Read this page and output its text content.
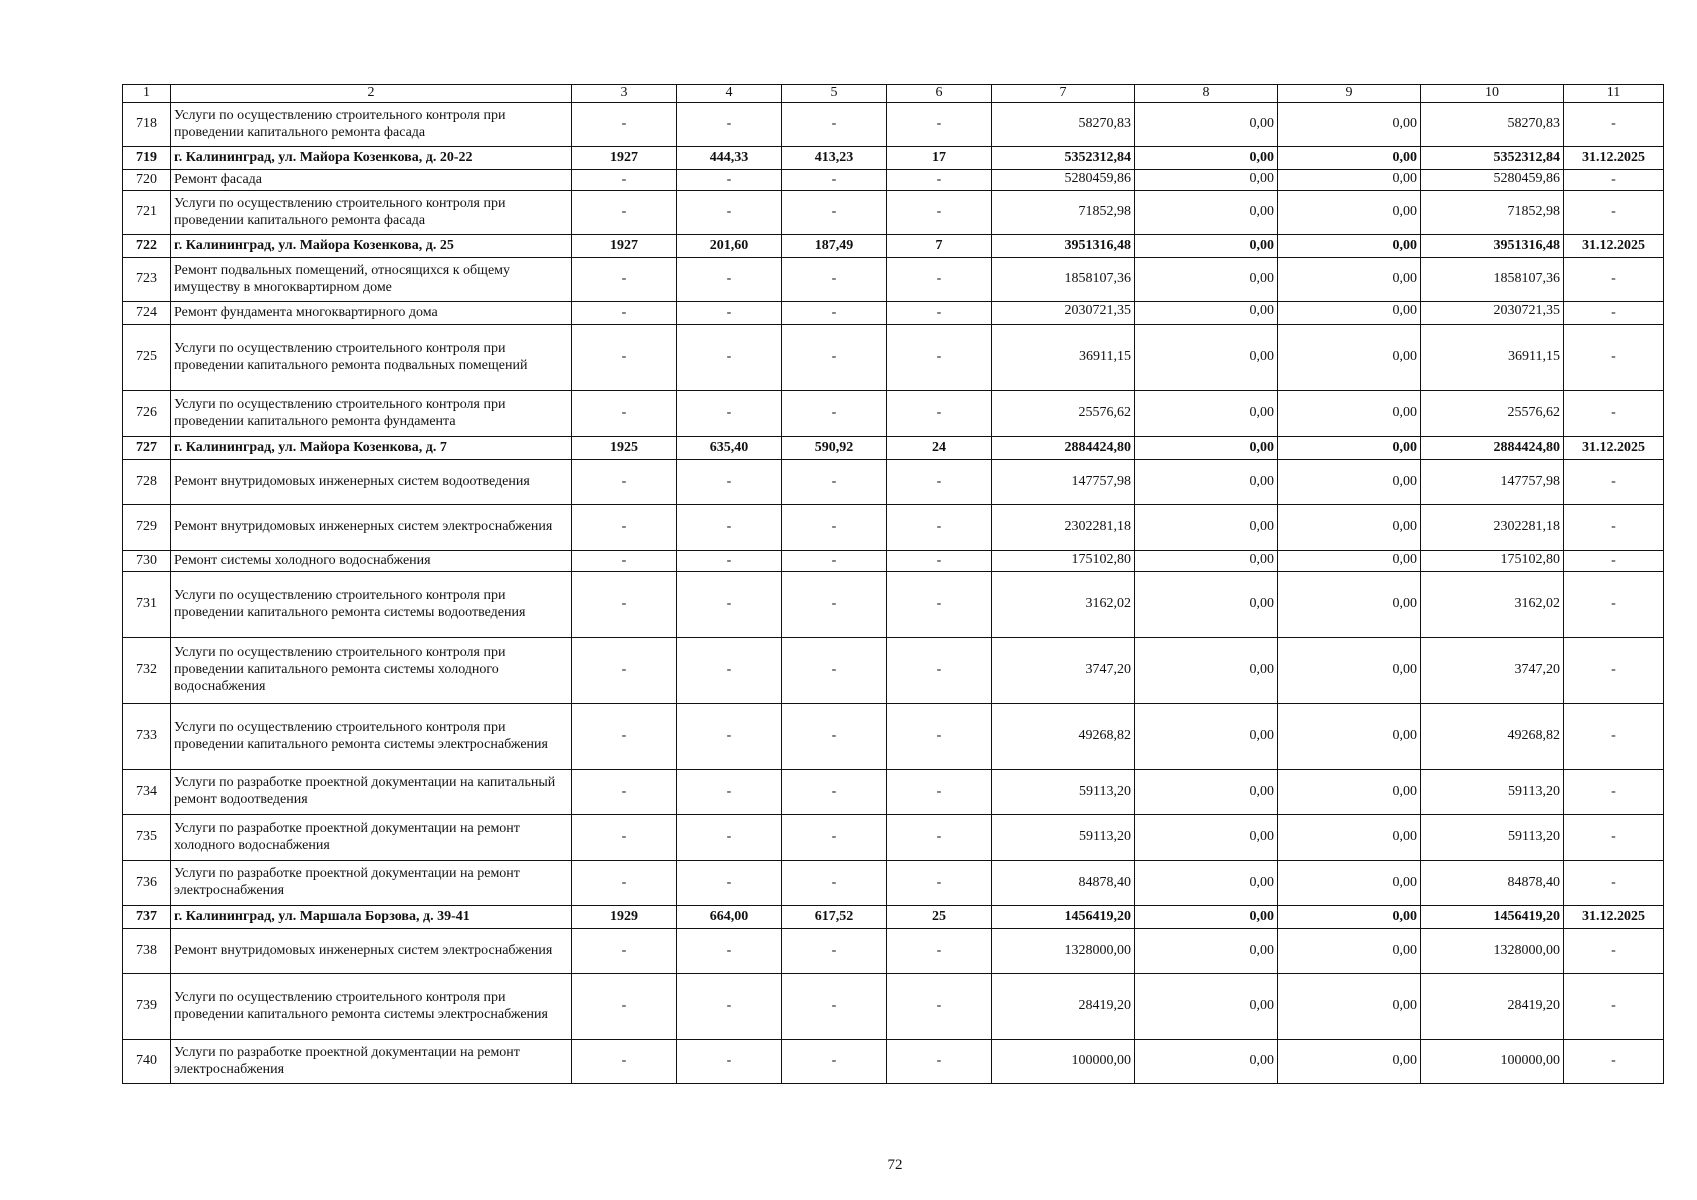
1	2	3	4	5	6	7	8	9	10	11
718	Услуги по осуществлению строительного контроля при проведении капитального ремонта фасада	-	-	-	-	58270,83	0,00	0,00	58270,83	-
719	г. Калининград, ул. Майора Козенкова, д. 20-22	1927	444,33	413,23	17	5352312,84	0,00	0,00	5352312,84	31.12.2025
720	Ремонт фасада	-	-	-	-	5280459,86	0,00	0,00	5280459,86	-
721	Услуги по осуществлению строительного контроля при проведении капитального ремонта фасада	-	-	-	-	71852,98	0,00	0,00	71852,98	-
722	г. Калининград, ул. Майора Козенкова, д. 25	1927	201,60	187,49	7	3951316,48	0,00	0,00	3951316,48	31.12.2025
723	Ремонт подвальных помещений, относящихся к общему имуществу в многоквартирном доме	-	-	-	-	1858107,36	0,00	0,00	1858107,36	-
724	Ремонт фундамента многоквартирного дома	-	-	-	-	2030721,35	0,00	0,00	2030721,35	-
725	Услуги по осуществлению строительного контроля при проведении капитального ремонта подвальных помещений	-	-	-	-	36911,15	0,00	0,00	36911,15	-
726	Услуги по осуществлению строительного контроля при проведении капитального ремонта фундамента	-	-	-	-	25576,62	0,00	0,00	25576,62	-
727	г. Калининград, ул. Майора Козенкова, д. 7	1925	635,40	590,92	24	2884424,80	0,00	0,00	2884424,80	31.12.2025
728	Ремонт внутридомовых инженерных систем водоотведения	-	-	-	-	147757,98	0,00	0,00	147757,98	-
729	Ремонт внутридомовых инженерных систем электроснабжения	-	-	-	-	2302281,18	0,00	0,00	2302281,18	-
730	Ремонт системы холодного водоснабжения	-	-	-	-	175102,80	0,00	0,00	175102,80	-
731	Услуги по осуществлению строительного контроля при проведении капитального ремонта системы водоотведения	-	-	-	-	3162,02	0,00	0,00	3162,02	-
732	Услуги по осуществлению строительного контроля при проведении капитального ремонта системы холодного водоснабжения	-	-	-	-	3747,20	0,00	0,00	3747,20	-
733	Услуги по осуществлению строительного контроля при проведении капитального ремонта системы электроснабжения	-	-	-	-	49268,82	0,00	0,00	49268,82	-
734	Услуги по разработке проектной документации на капитальный ремонт водоотведения	-	-	-	-	59113,20	0,00	0,00	59113,20	-
735	Услуги по разработке проектной документации на ремонт холодного водоснабжения	-	-	-	-	59113,20	0,00	0,00	59113,20	-
736	Услуги по разработке проектной документации на ремонт электроснабжения	-	-	-	-	84878,40	0,00	0,00	84878,40	-
737	г. Калининград, ул. Маршала Борзова, д. 39-41	1929	664,00	617,52	25	1456419,20	0,00	0,00	1456419,20	31.12.2025
738	Ремонт внутридомовых инженерных систем электроснабжения	-	-	-	-	1328000,00	0,00	0,00	1328000,00	-
739	Услуги по осуществлению строительного контроля при проведении капитального ремонта системы электроснабжения	-	-	-	-	28419,20	0,00	0,00	28419,20	-
740	Услуги по разработке проектной документации на ремонт электроснабжения	-	-	-	-	100000,00	0,00	0,00	100000,00	-
72
